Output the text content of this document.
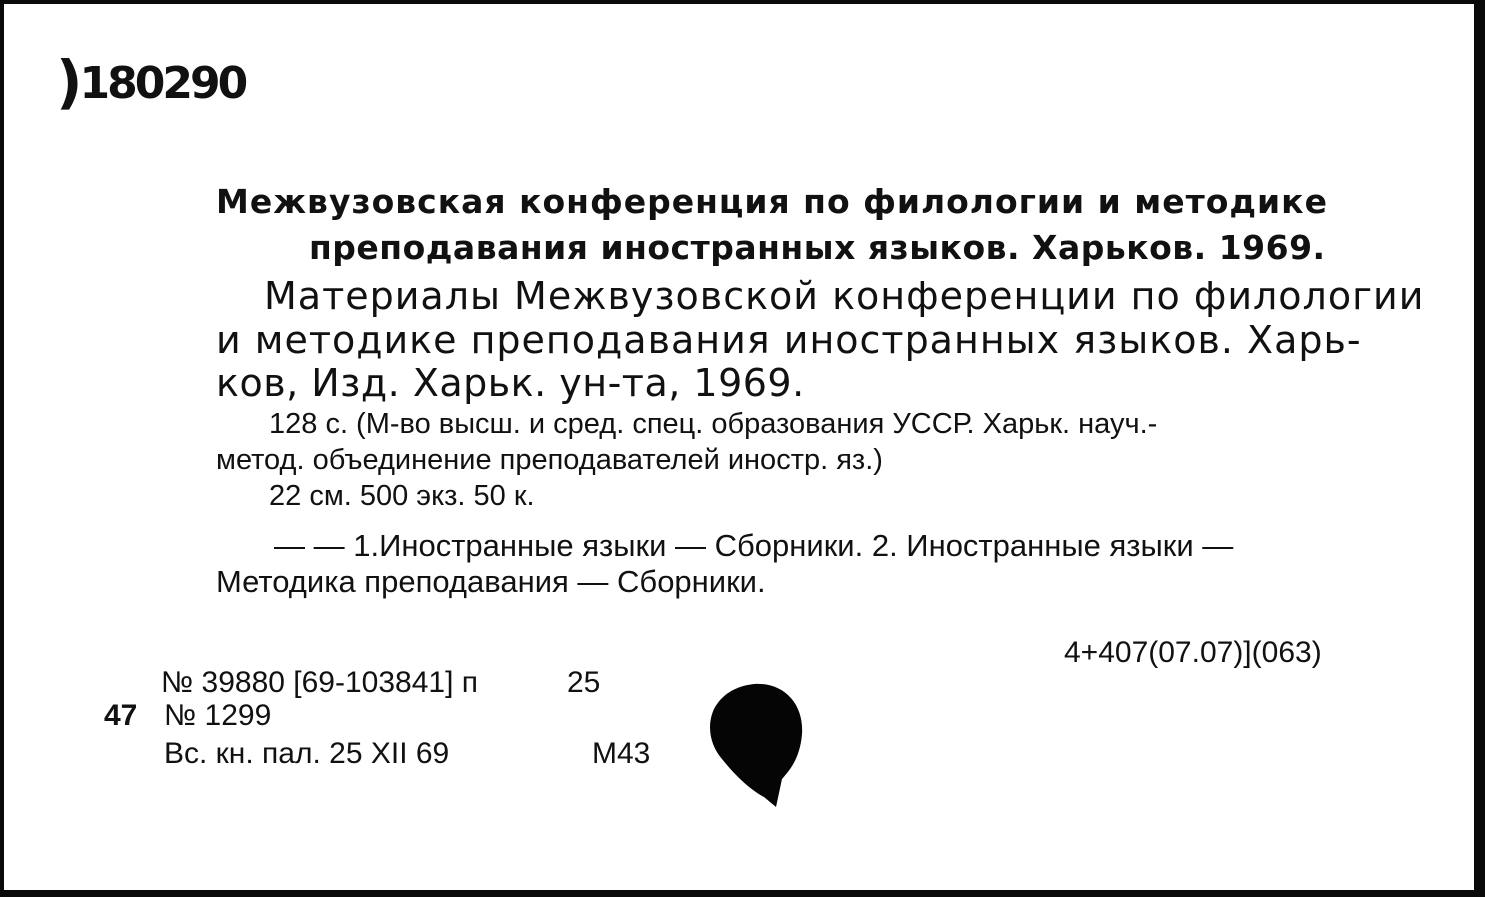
)180290
Межвузовская конференция по филологии и методике
преподавания иностранных языков. Харьков. 1969.
Материалы Межвузовской конференции по филологии
и методике преподавания иностранных языков. Харь-
ков, Изд. Харьк. ун-та, 1969.
128 с. (М-во высш. и сред. спец. образования УССР. Харьк. науч.-
метод. объединение преподавателей иностр. яз.)
22 см. 500 экз. 50 к.
— — 1.Иностранные языки — Сборники. 2. Иностранные языки —
Методика преподавания — Сборники.
4+407(07.07)](063)
№ 39880 [69-103841] п	25
47 № 1299
Вс. кн. пал. 25 XII 69	М43
